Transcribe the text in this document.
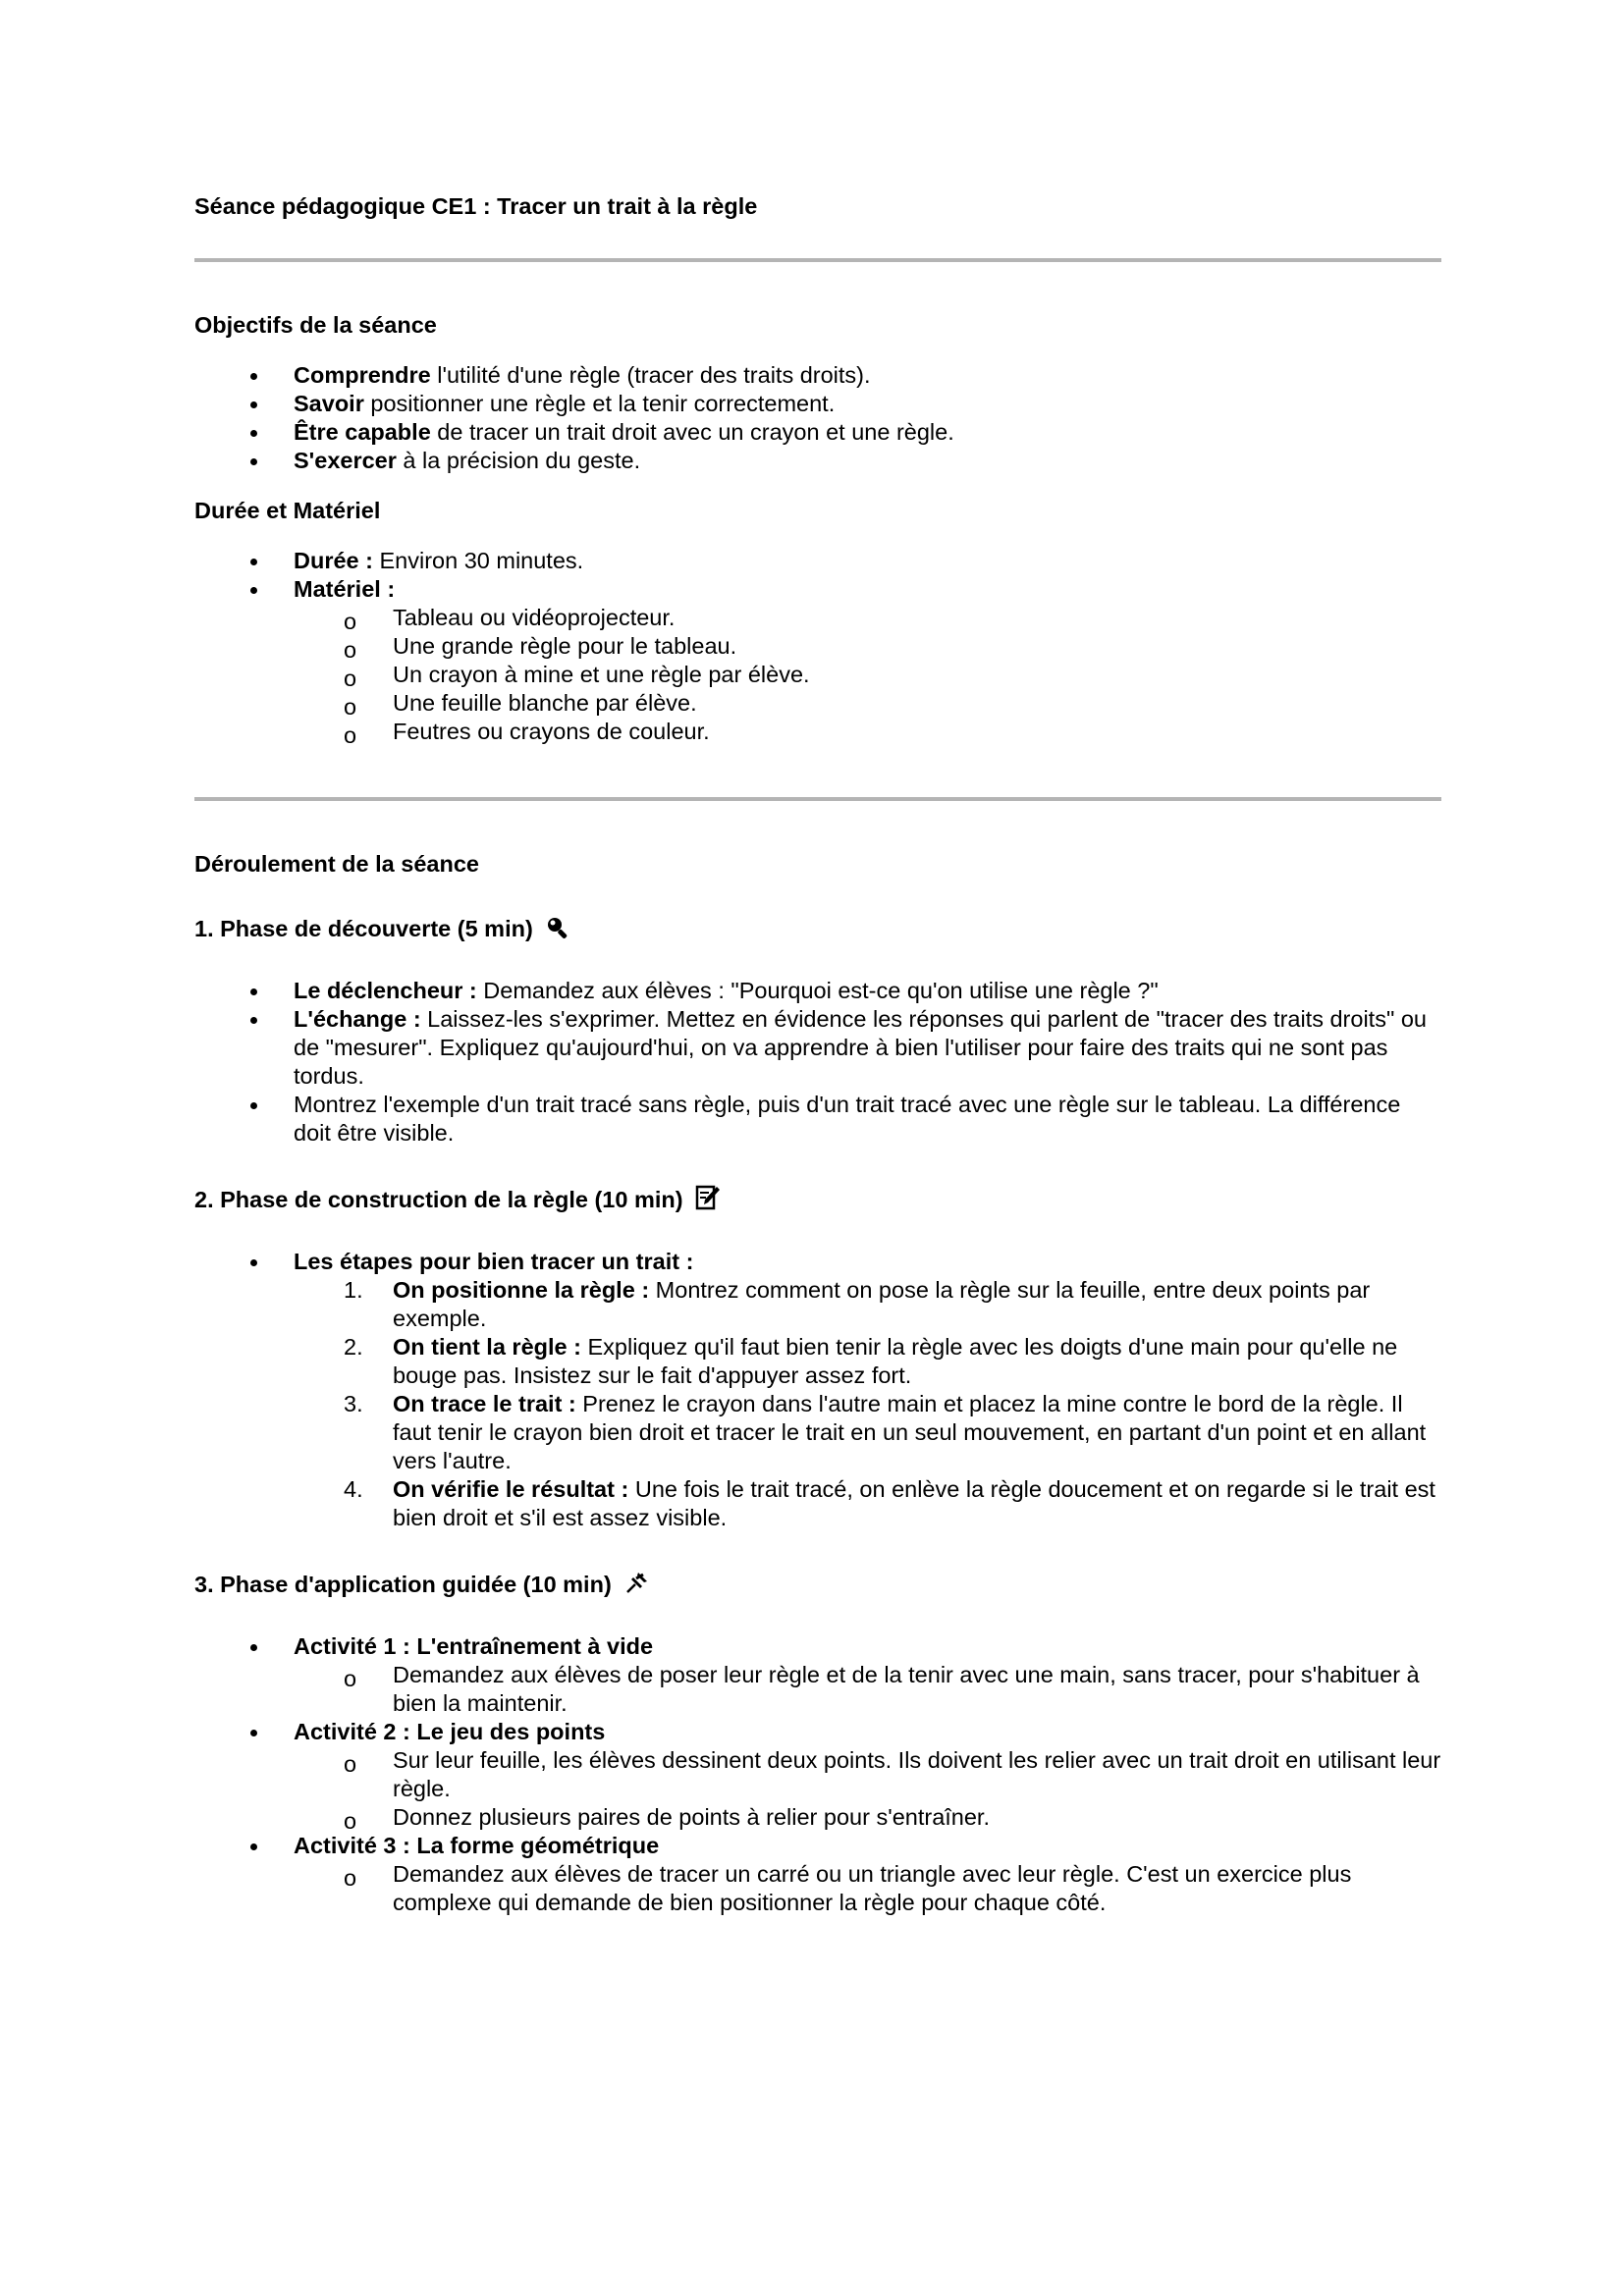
Séance pédagogique CE1 : Tracer un trait à la règle

Objectifs de la séance

Comprendre l'utilité d'une règle (tracer des traits droits).
Savoir positionner une règle et la tenir correctement.
Être capable de tracer un trait droit avec un crayon et une règle.
S'exercer à la précision du geste.

Durée et Matériel

Durée : Environ 30 minutes.
Matériel :
o Tableau ou vidéoprojecteur.
o Une grande règle pour le tableau.
o Un crayon à mine et une règle par élève.
o Une feuille blanche par élève.
o Feutres ou crayons de couleur.

Déroulement de la séance

1. Phase de découverte (5 min)

Le déclencheur : Demandez aux élèves : "Pourquoi est-ce qu'on utilise une règle ?"
L'échange : Laissez-les s'exprimer. Mettez en évidence les réponses qui parlent de "tracer des traits droits" ou de "mesurer". Expliquez qu'aujourd'hui, on va apprendre à bien l'utiliser pour faire des traits qui ne sont pas tordus.
Montrez l'exemple d'un trait tracé sans règle, puis d'un trait tracé avec une règle sur le tableau. La différence doit être visible.

2. Phase de construction de la règle (10 min)

Les étapes pour bien tracer un trait :
1. On positionne la règle : Montrez comment on pose la règle sur la feuille, entre deux points par exemple.
2. On tient la règle : Expliquez qu'il faut bien tenir la règle avec les doigts d'une main pour qu'elle ne bouge pas. Insistez sur le fait d'appuyer assez fort.
3. On trace le trait : Prenez le crayon dans l'autre main et placez la mine contre le bord de la règle. Il faut tenir le crayon bien droit et tracer le trait en un seul mouvement, en partant d'un point et en allant vers l'autre.
4. On vérifie le résultat : Une fois le trait tracé, on enlève la règle doucement et on regarde si le trait est bien droit et s'il est assez visible.

3. Phase d'application guidée (10 min)

Activité 1 : L'entraînement à vide
o Demandez aux élèves de poser leur règle et de la tenir avec une main, sans tracer, pour s'habituer à bien la maintenir.
Activité 2 : Le jeu des points
o Sur leur feuille, les élèves dessinent deux points. Ils doivent les relier avec un trait droit en utilisant leur règle.
o Donnez plusieurs paires de points à relier pour s'entraîner.
Activité 3 : La forme géométrique
o Demandez aux élèves de tracer un carré ou un triangle avec leur règle. C'est un exercice plus complexe qui demande de bien positionner la règle pour chaque côté.
